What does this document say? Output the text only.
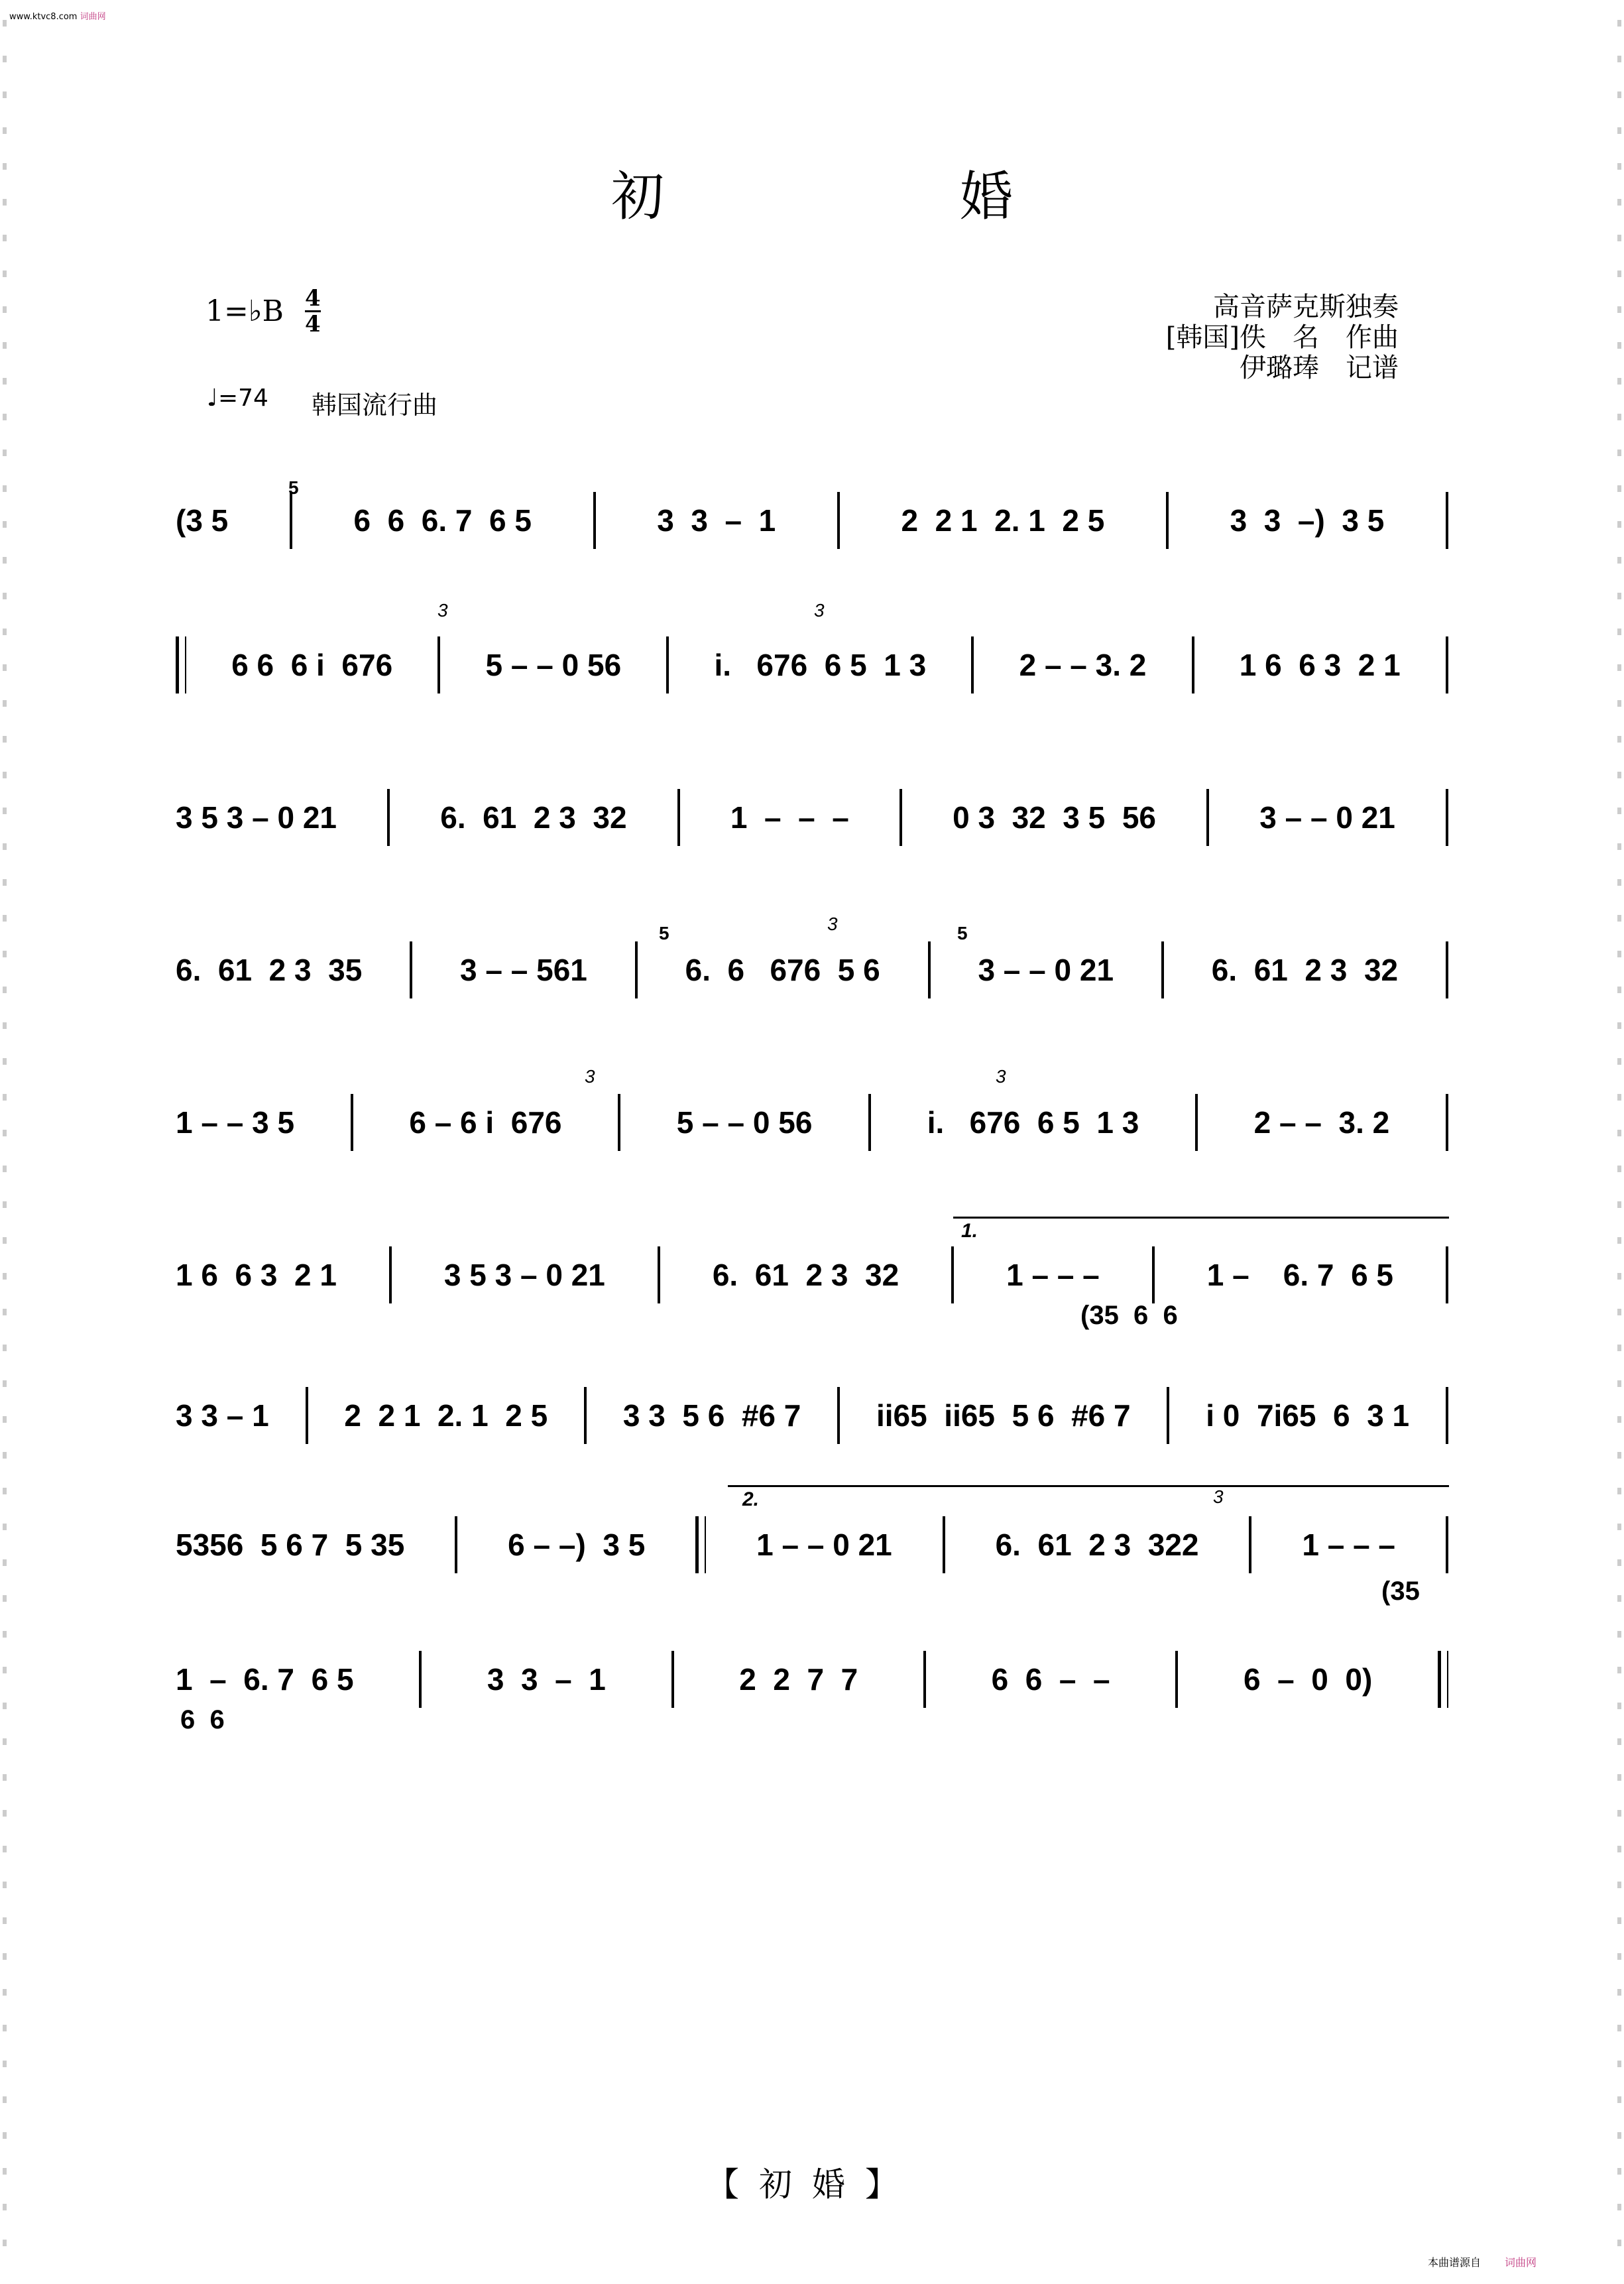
www.ktvc8.com 词曲网
初	婚
1=♭B $\frac{4}{4}$	高音萨克斯独奏
[韩国]佚　名　作曲
伊璐琫　记谱
♩=74 韩国流行曲
(3 5	6  6  6. 7  6 5	3  3  –  1	2  2 1  2. 1  2 5	3  3  –)  3 5
6 6  6 i  676	5 – – 0 56	i.   676  6 5  1 3	2 – – 3. 2	1 6  6 3  2 1
3 5 3 – 0 21	6.  61  2 3  32	1  –  –  –	0 3  32  3 5  56	3 – – 0 21
6.  61  2 3  35	3 – – 561	6.  6   676  5 6	3 – – 0 21	6.  61  2 3  32
1 – – 3 5	6 – 6 i  676	5 – – 0 56	i.   676  6 5  1 3	2 – –  3. 2
1 6  6 3  2 1	3 5 3 – 0 21	6.  61  2 3  32	1 – – –	1 –    6. 7  6 5
3 3 – 1 2  2 1  2. 1  2 5 3 3  5 6  #6 7 ii65  ii65  5 6  #6 7 i 0  7i65  6  3 1
5356  5 6 7  5 35	6 – –)  3 5	1 – – 0 21	6.  61  2 3  322	1 – – –
1  –  6. 7  6 5	3  3  –  1	2  2  7  7	6  6  –  –	6  –  0  0)
1.
2.
3	3
3
3	3
3
5
5	5
(35  6  6
(35
6  6
【初婚】
本曲谱源自 词曲网
